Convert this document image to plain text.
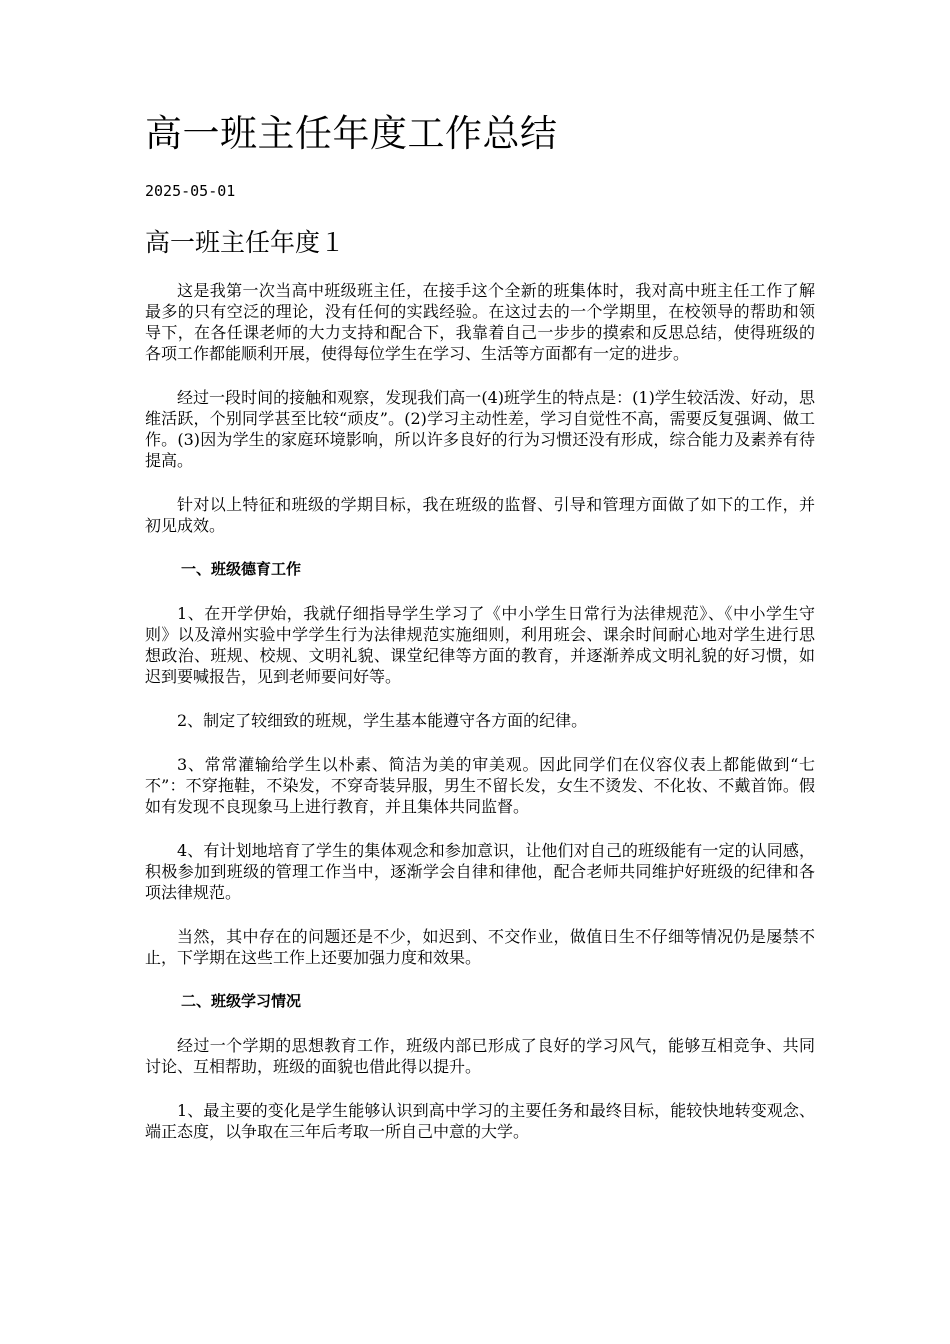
高一班主任年度工作总结
2025-05-01
高一班主任年度１

这是我第一次当高中班级班主任，在接手这个全新的班集体时，我对高中班主任工作了解最多的只有空泛的理论，没有任何的实践经验。在这过去的一个学期里，在校领导的帮助和领导下，在各任课老师的大力支持和配合下，我靠着自己一步步的摸索和反思总结，使得班级的各项工作都能顺利开展，使得每位学生在学习、生活等方面都有一定的进步。

经过一段时间的接触和观察，发现我们高一(4)班学生的特点是：(1)学生较活泼、好动，思维活跃，个别同学甚至比较“顽皮”。(2)学习主动性差，学习自觉性不高，需要反复强调、做工作。(3)因为学生的家庭环境影响，所以许多良好的行为习惯还没有形成，综合能力及素养有待提高。

针对以上特征和班级的学期目标，我在班级的监督、引导和管理方面做了如下的工作，并初见成效。

一、班级德育工作

1、在开学伊始，我就仔细指导学生学习了《中小学生日常行为法律规范》、《中小学生守则》以及漳州实验中学学生行为法律规范实施细则，利用班会、课余时间耐心地对学生进行思想政治、班规、校规、文明礼貌、课堂纪律等方面的教育，并逐渐养成文明礼貌的好习惯，如迟到要喊报告，见到老师要问好等。

2、制定了较细致的班规，学生基本能遵守各方面的纪律。

3、常常灌输给学生以朴素、简洁为美的审美观。因此同学们在仪容仪表上都能做到“七不”：不穿拖鞋，不染发，不穿奇装异服，男生不留长发，女生不烫发、不化妆、不戴首饰。假如有发现不良现象马上进行教育，并且集体共同监督。

4、有计划地培育了学生的集体观念和参加意识，让他们对自己的班级能有一定的认同感，积极参加到班级的管理工作当中，逐渐学会自律和律他，配合老师共同维护好班级的纪律和各项法律规范。

当然，其中存在的问题还是不少，如迟到、不交作业，做值日生不仔细等情况仍是屡禁不止，下学期在这些工作上还要加强力度和效果。

二、班级学习情况

经过一个学期的思想教育工作，班级内部已形成了良好的学习风气，能够互相竞争、共同讨论、互相帮助，班级的面貌也借此得以提升。

1、最主要的变化是学生能够认识到高中学习的主要任务和最终目标，能较快地转变观念、端正态度，以争取在三年后考取一所自己中意的大学。
